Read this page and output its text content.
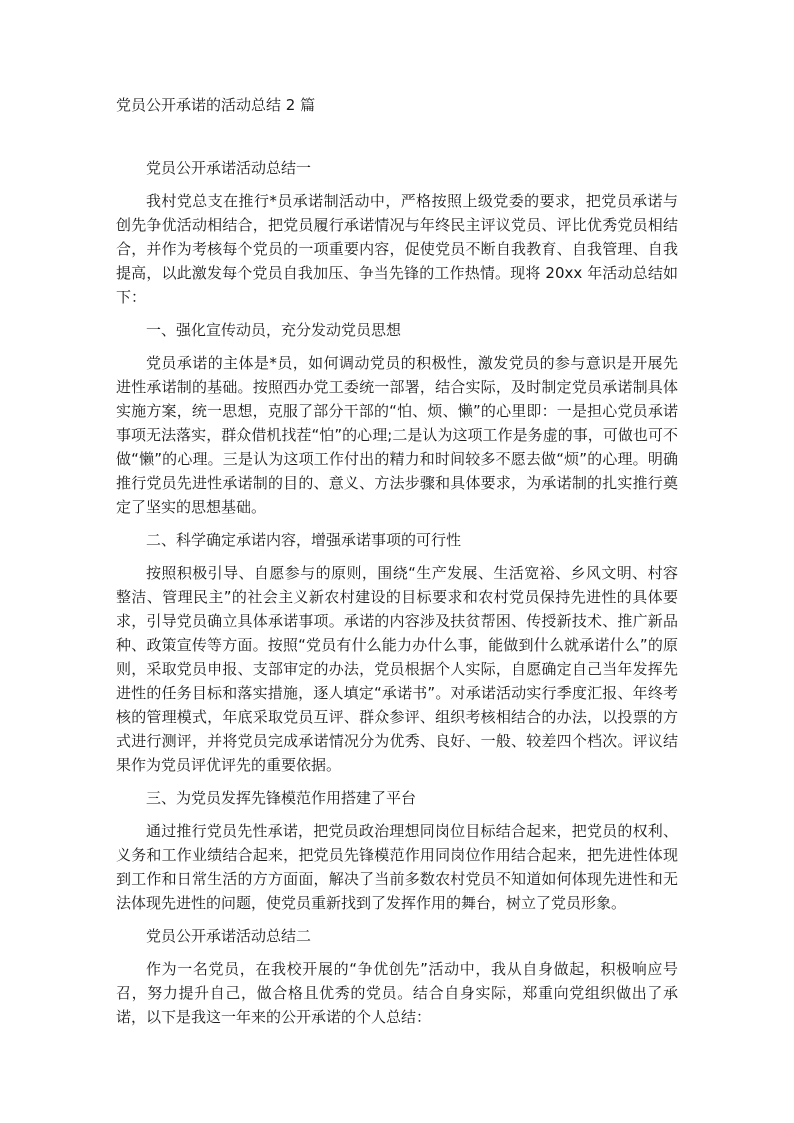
党员公开承诺的活动总结 2 篇

党员公开承诺活动总结一

我村党总支在推行*员承诺制活动中，严格按照上级党委的要求，把党员承诺与创先争优活动相结合，把党员履行承诺情况与年终民主评议党员、评比优秀党员相结合，并作为考核每个党员的一项重要内容，促使党员不断自我教育、自我管理、自我提高，以此激发每个党员自我加压、争当先锋的工作热情。现将 20xx 年活动总结如下：

一、强化宣传动员，充分发动党员思想

党员承诺的主体是*员，如何调动党员的积极性，激发党员的参与意识是开展先进性承诺制的基础。按照西办党工委统一部署，结合实际，及时制定党员承诺制具体实施方案，统一思想，克服了部分干部的“怕、烦、懒”的心里即：一是担心党员承诺事项无法落实，群众借机找茬“怕”的心理;二是认为这项工作是务虚的事，可做也可不做“懒”的心理。三是认为这项工作付出的精力和时间较多不愿去做“烦”的心理。明确推行党员先进性承诺制的目的、意义、方法步骤和具体要求，为承诺制的扎实推行奠定了坚实的思想基础。

二、科学确定承诺内容，增强承诺事项的可行性

按照积极引导、自愿参与的原则，围绕“生产发展、生活宽裕、乡风文明、村容整洁、管理民主”的社会主义新农村建设的目标要求和农村党员保持先进性的具体要求，引导党员确立具体承诺事项。承诺的内容涉及扶贫帮困、传授新技术、推广新品种、政策宣传等方面。按照“党员有什么能力办什么事，能做到什么就承诺什么”的原则，采取党员申报、支部审定的办法，党员根据个人实际，自愿确定自己当年发挥先进性的任务目标和落实措施，逐人填定“承诺书”。对承诺活动实行季度汇报、年终考核的管理模式，年底采取党员互评、群众参评、组织考核相结合的办法，以投票的方式进行测评，并将党员完成承诺情况分为优秀、良好、一般、较差四个档次。评议结果作为党员评优评先的重要依据。

三、为党员发挥先锋模范作用搭建了平台

通过推行党员先性承诺，把党员政治理想同岗位目标结合起来，把党员的权利、义务和工作业绩结合起来，把党员先锋模范作用同岗位作用结合起来，把先进性体现到工作和日常生活的方方面面，解决了当前多数农村党员不知道如何体现先进性和无法体现先进性的问题，使党员重新找到了发挥作用的舞台，树立了党员形象。

党员公开承诺活动总结二

作为一名党员，在我校开展的“争优创先”活动中，我从自身做起，积极响应号召，努力提升自己，做合格且优秀的党员。结合自身实际，郑重向党组织做出了承诺，以下是我这一年来的公开承诺的个人总结：
